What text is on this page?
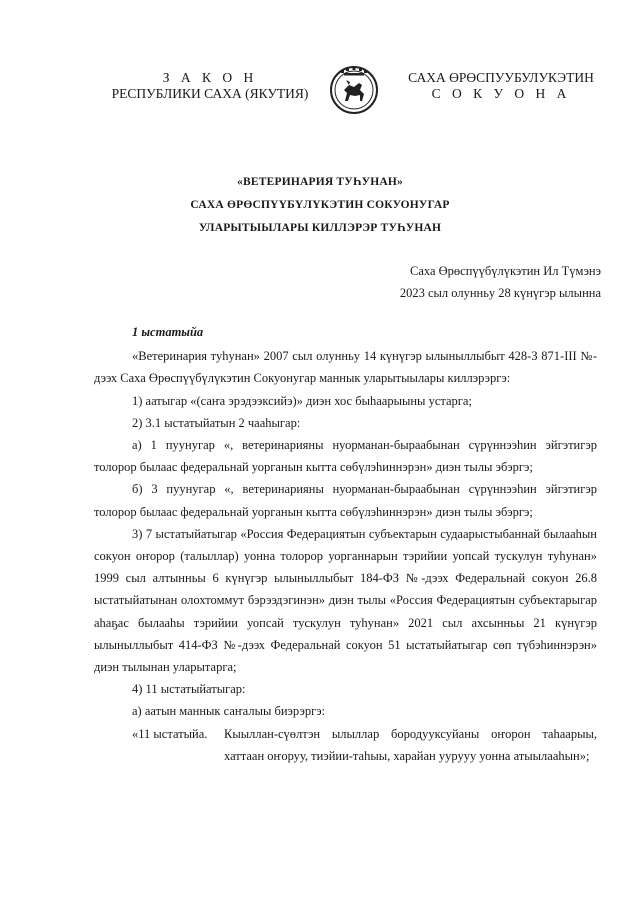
З А К О Н
РЕСПУБЛИКИ САХА (ЯКУТИЯ)
САХА ӨРӨСПУУБУЛУКЭТИН
С О К У О Н А
«ВЕТЕРИНАРИЯ ТУҺУНАН»
САХА ӨРӨСПҮҮБҮЛҮКЭТИН СОКУОНУГАР
УЛАРЫТЫЫЛАРЫ КИЛЛЭРЭР ТУҺУНАН
Саха Өрөспүүбүлүкэтин Ил Түмэнэ
2023 сыл олунньу 28 күнүгэр ылынна
1 ыстатыйа

«Ветеринария туһунан» 2007 сыл олунньу 14 күнүгэр ылыныллыбыт 428-З 871-III №-дээх Саха Өрөспүүбүлүкэтин Сокуонугар маннык уларытыылары киллэрэргэ:

1) аатыгар «(саҥа эрэдээксийэ)» диэн хос быһаарыыны устарга;

2) 3.1 ыстатыйатын 2 чааһыгар:

а) 1 пуунугар «, ветеринарияны нуорманан-быраабынан сүрүннээһин эйгэтигэр толорор былаас федеральнай уорганын кытта сөбүлэһиннэрэн» диэн тылы эбэргэ;

б) 3 пуунугар «, ветеринарияны нуорманан-быраабынан сүрүннээһин эйгэтигэр толорор былаас федеральнай уорганын кытта сөбүлэһиннэрэн» диэн тылы эбэргэ;

3) 7 ыстатыйатыгар «Россия Федерациятын субъектарын судаарыстыбаннай былааһын сокуон оҥорор (талыллар) уонна толорор уорганнарын тэрийии уопсай тускулун туһунан» 1999 сыл алтынньы 6 күнүгэр ылыныллыбыт 184-ФЗ №-дээх Федеральнай сокуон 26.8 ыстатыйатынан олохтоммут бэрээдэгинэн» диэн тылы «Россия Федерациятын субъектарыгар аһаҕас былааһы тэрийии уопсай тускулун туһунан» 2021 сыл ахсынньы 21 күнүгэр ылыныллыбыт 414-ФЗ №-дээх Федеральнай сокуон 51 ыстатыйатыгар сөп түбэһиннэрэн» диэн тылынан уларытарга;

4) 11 ыстатыйатыгар:

а) аатын маннык саҥалыы биэрэргэ:

«11 ыстатыйа.	Кыыллан-сүөлтэн ылыллар бородууксуйаны оҥорон таһаарыы, хаттаан оҥоруу, тиэйии-таһыы, харайан уурууу уонна атыылааһын»;
